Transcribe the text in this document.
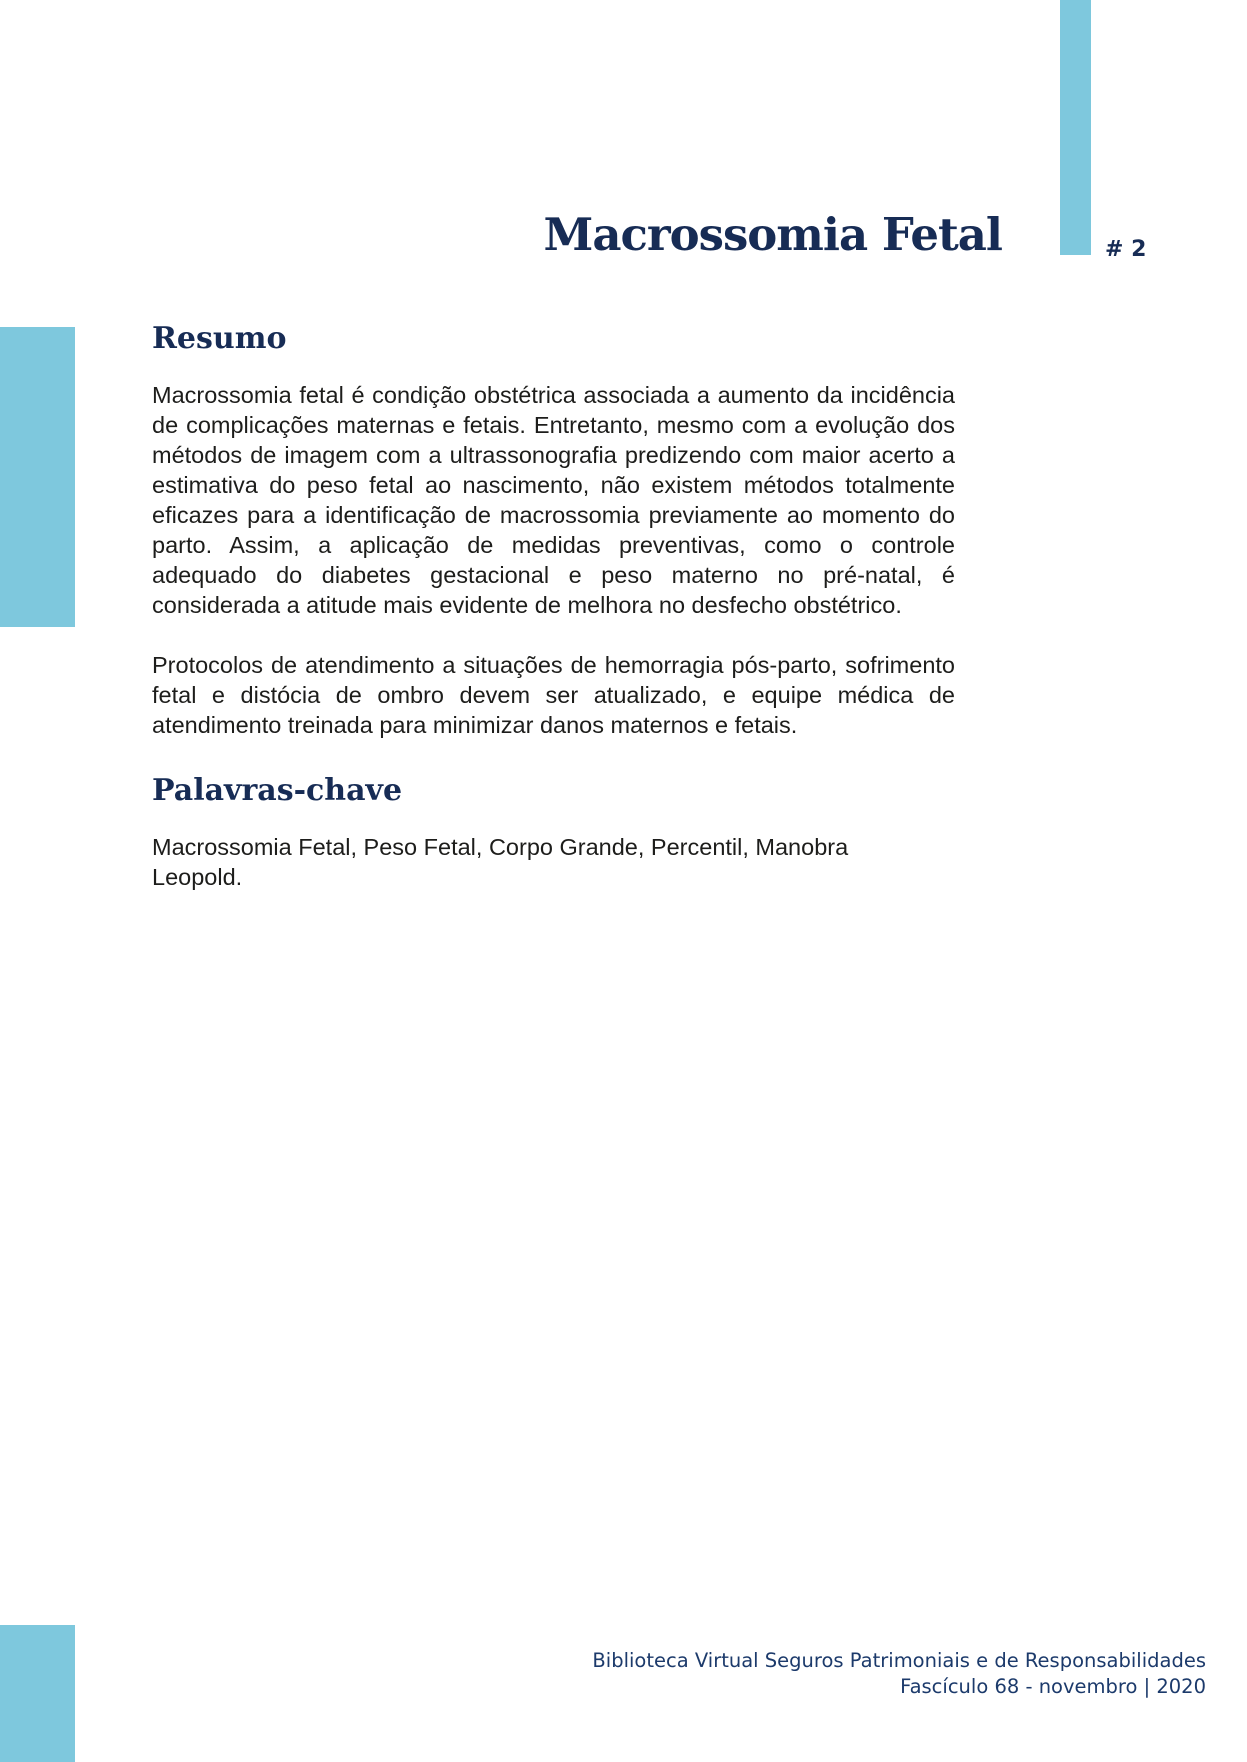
Macrossomia Fetal	# 2
Resumo

Macrossomia fetal é condição obstétrica associada a aumento da incidência de complicações maternas e fetais. Entretanto, mesmo com a evolução dos métodos de imagem com a ultrassonografia predizendo com maior acerto a estimativa do peso fetal ao nascimento, não existem métodos totalmente eficazes para a identificação de macrossomia previamente ao momento do parto. Assim, a aplicação de medidas preventivas, como o controle adequado do diabetes gestacional e peso materno no pré-natal, é considerada a atitude mais evidente de melhora no desfecho obstétrico.

Protocolos de atendimento a situações de hemorragia pós-parto, sofrimento fetal e distócia de ombro devem ser atualizado, e equipe médica de atendimento treinada para minimizar danos maternos e fetais.

Palavras-chave

Macrossomia Fetal, Peso Fetal, Corpo Grande, Percentil, Manobra Leopold.

Biblioteca Virtual Seguros Patrimoniais e de Responsabilidades
Fascículo 68 - novembro | 2020
